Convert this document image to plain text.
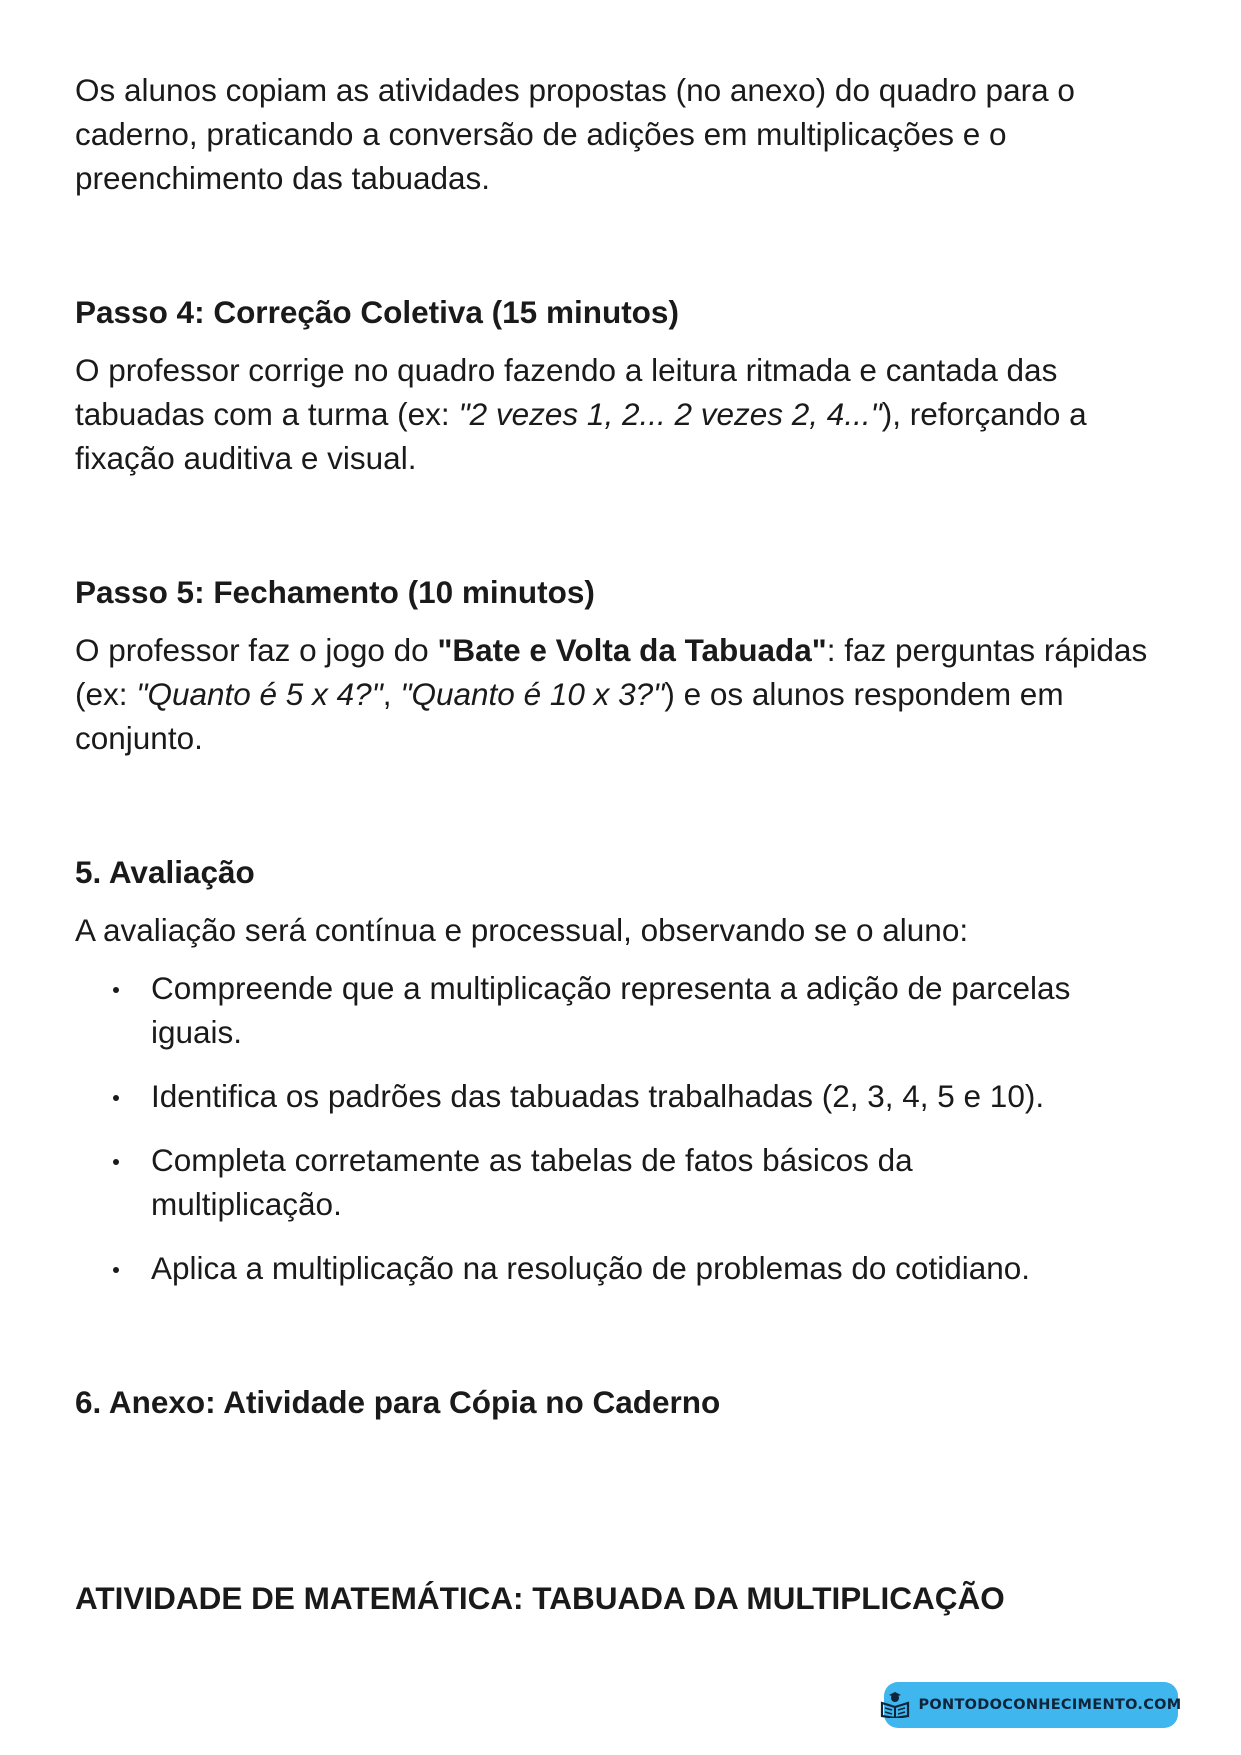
Os alunos copiam as atividades propostas (no anexo) do quadro para o caderno, praticando a conversão de adições em multiplicações e o preenchimento das tabuadas.

Passo 4: Correção Coletiva (15 minutos)

O professor corrige no quadro fazendo a leitura ritmada e cantada das tabuadas com a turma (ex: "2 vezes 1, 2... 2 vezes 2, 4..."), reforçando a fixação auditiva e visual.

Passo 5: Fechamento (10 minutos)

O professor faz o jogo do "Bate e Volta da Tabuada": faz perguntas rápidas (ex: "Quanto é 5 x 4?", "Quanto é 10 x 3?") e os alunos respondem em conjunto.

5. Avaliação

A avaliação será contínua e processual, observando se o aluno:

Compreende que a multiplicação representa a adição de parcelas iguais.
Identifica os padrões das tabuadas trabalhadas (2, 3, 4, 5 e 10).
Completa corretamente as tabelas de fatos básicos da multiplicação.
Aplica a multiplicação na resolução de problemas do cotidiano.
6. Anexo: Atividade para Cópia no Caderno
ATIVIDADE DE MATEMÁTICA: TABUADA DA MULTIPLICAÇÃO
PONTODOCONHECIMENTO.COM
